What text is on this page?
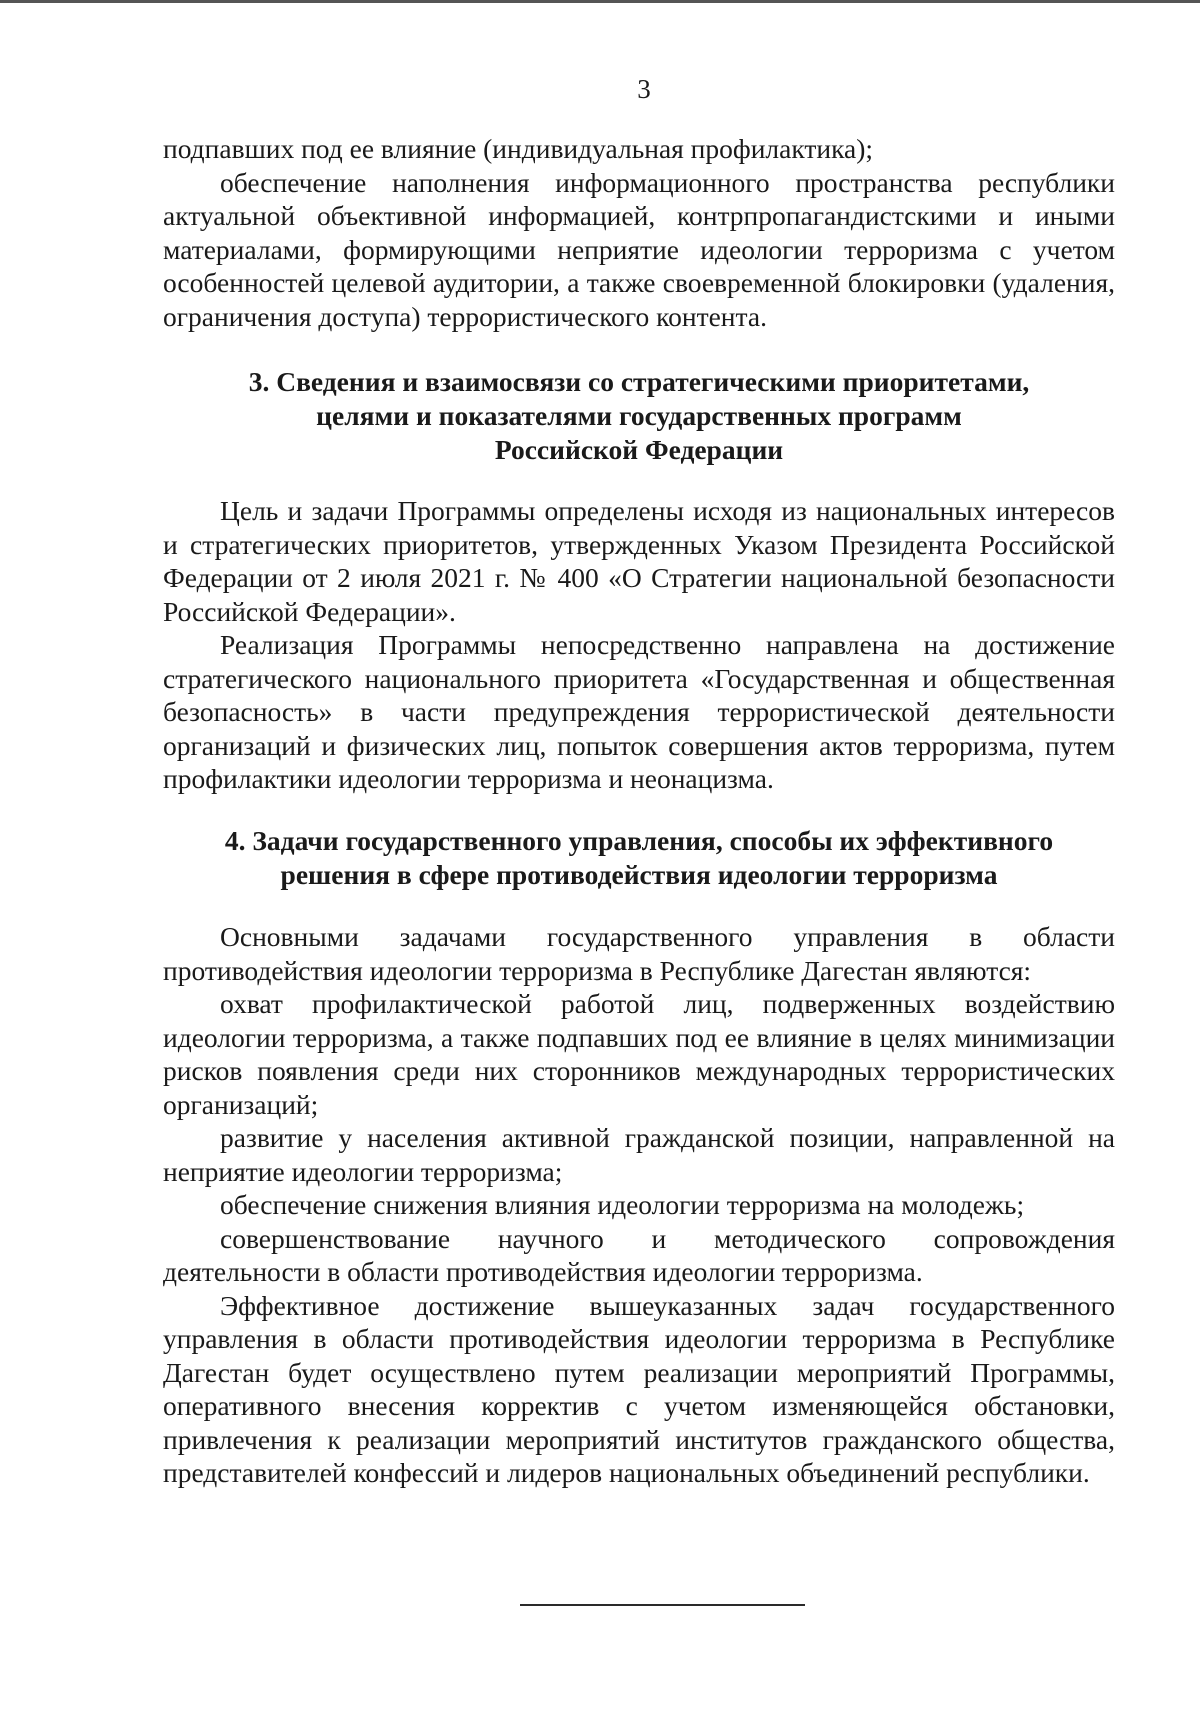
3

подпавших под ее влияние (индивидуальная профилактика);

обеспечение наполнения информационного пространства республики актуальной объективной информацией, контрпропагандистскими и иными материалами, формирующими неприятие идеологии терроризма с учетом особенностей целевой аудитории, а также своевременной блокировки (удаления, ограничения доступа) террористического контента.

3. Сведения и взаимосвязи со стратегическими приоритетами,
целями и показателями государственных программ
Российской Федерации

Цель и задачи Программы определены исходя из национальных интересов и стратегических приоритетов, утвержденных Указом Президента Российской Федерации от 2 июля 2021 г. № 400 «О Стратегии национальной безопасности Российской Федерации».

Реализация Программы непосредственно направлена на достижение стратегического национального приоритета «Государственная и общественная безопасность» в части предупреждения террористической деятельности организаций и физических лиц, попыток совершения актов терроризма, путем профилактики идеологии терроризма и неонацизма.

4. Задачи государственного управления, способы их эффективного
решения в сфере противодействия идеологии терроризма

Основными задачами государственного управления в области противодействия идеологии терроризма в Республике Дагестан являются:

охват профилактической работой лиц, подверженных воздействию идеологии терроризма, а также подпавших под ее влияние в целях минимизации рисков появления среди них сторонников международных террористических организаций;

развитие у населения активной гражданской позиции, направленной на неприятие идеологии терроризма;

обеспечение снижения влияния идеологии терроризма на молодежь;

совершенствование научного и методического сопровождения деятельности в области противодействия идеологии терроризма.

Эффективное достижение вышеуказанных задач государственного управления в области противодействия идеологии терроризма в Республике Дагестан будет осуществлено путем реализации мероприятий Программы, оперативного внесения корректив с учетом изменяющейся обстановки, привлечения к реализации мероприятий институтов гражданского общества, представителей конфессий и лидеров национальных объединений республики.
